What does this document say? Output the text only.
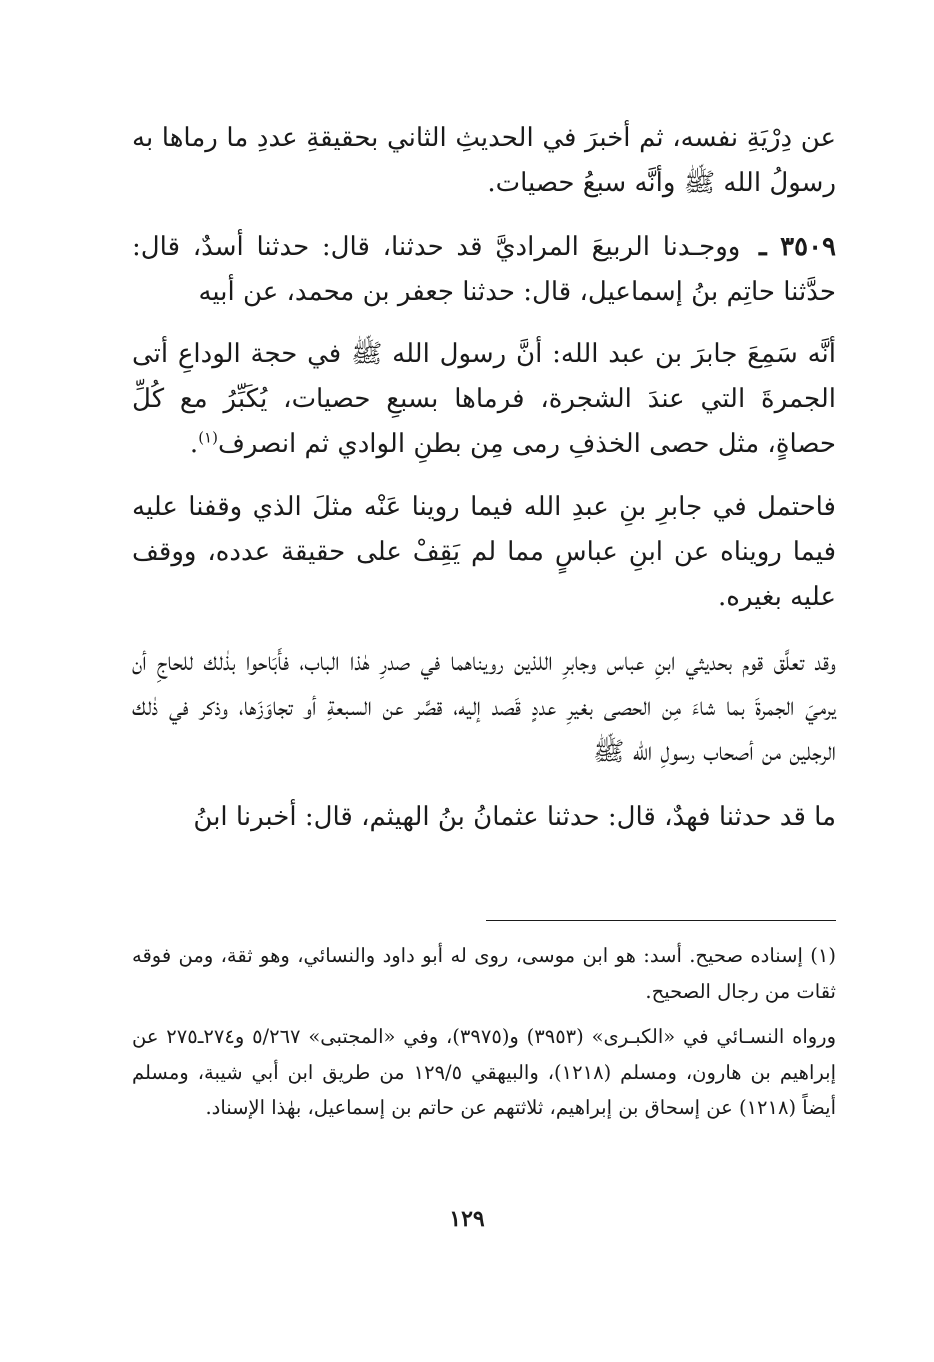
عن دِرْيَةِ نفسه، ثم أخبرَ في الحديثِ الثاني بحقيقةِ عددِ ما رماها به رسولُ الله ﷺ وأنَّه سبعُ حصيات.

٣٥٠٩ ـ ووجـدنا الربيعَ المراديَّ قد حدثنا، قال: حدثنا أسدٌ، قال: حدَّثنا حاتِم بنُ إسماعيل، قال: حدثنا جعفر بن محمد، عن أبيه

أنَّه سَمِعَ جابرَ بن عبد الله: أنَّ رسول الله ﷺ في حجة الوداعِ أتى الجمرةَ التي عندَ الشجرة، فرماها بسبعِ حصيات، يُكَبِّرُ مع كُلِّ حصاةٍ، مثل حصى الخذفِ رمى مِن بطنِ الوادي ثم انصرف$^{(١)}$.

فاحتمل في جابرِ بنِ عبدِ الله فيما روينا عَنْه مثلَ الذي وقفنا عليه فيما رويناه عن ابنِ عباسٍ مما لم يَقِفْ على حقيقة عدده، ووقف عليه بغيره.

وقد تعلَّق قوم بحديثي ابنِ عباس وجابرِ اللذين رويناهما في صدرِ هٰذا الباب، فأَبَاحوا بذٰلك للحاجِ أن يرميَ الجمرةَ بما شاءَ مِن الحصى بغيرِ عددٍ قَصد إليه، قصَّر عن السبعةِ أو تجاوَزَها، وذكر في ذٰلك الرجلين من أصحاب رسولِ الله ﷺ

ما قد حدثنا فهدٌ، قال: حدثنا عثمانُ بنُ الهيثم، قال: أخبرنا ابنُ

(١) إسناده صحيح. أسد: هو ابن موسى، روى له أبو داود والنسائي، وهو ثقة، ومن فوقه ثقات من رجال الصحيح.

ورواه النسـائي في «الكبـرى» (٣٩٥٣) و(٣٩٧٥)، وفي «المجتبى» ٥/٢٦٧ و٢٧٤ـ٢٧٥ عن إبراهيم بن هارون، ومسلم (١٢١٨)، والبيهقي ١٢٩/٥ من طريق ابن أبي شيبة، ومسلم أيضاً (١٢١٨) عن إسحاق بن إبراهيم، ثلاثتهم عن حاتم بن إسماعيل، بهٰذا الإسناد.

١٢٩
